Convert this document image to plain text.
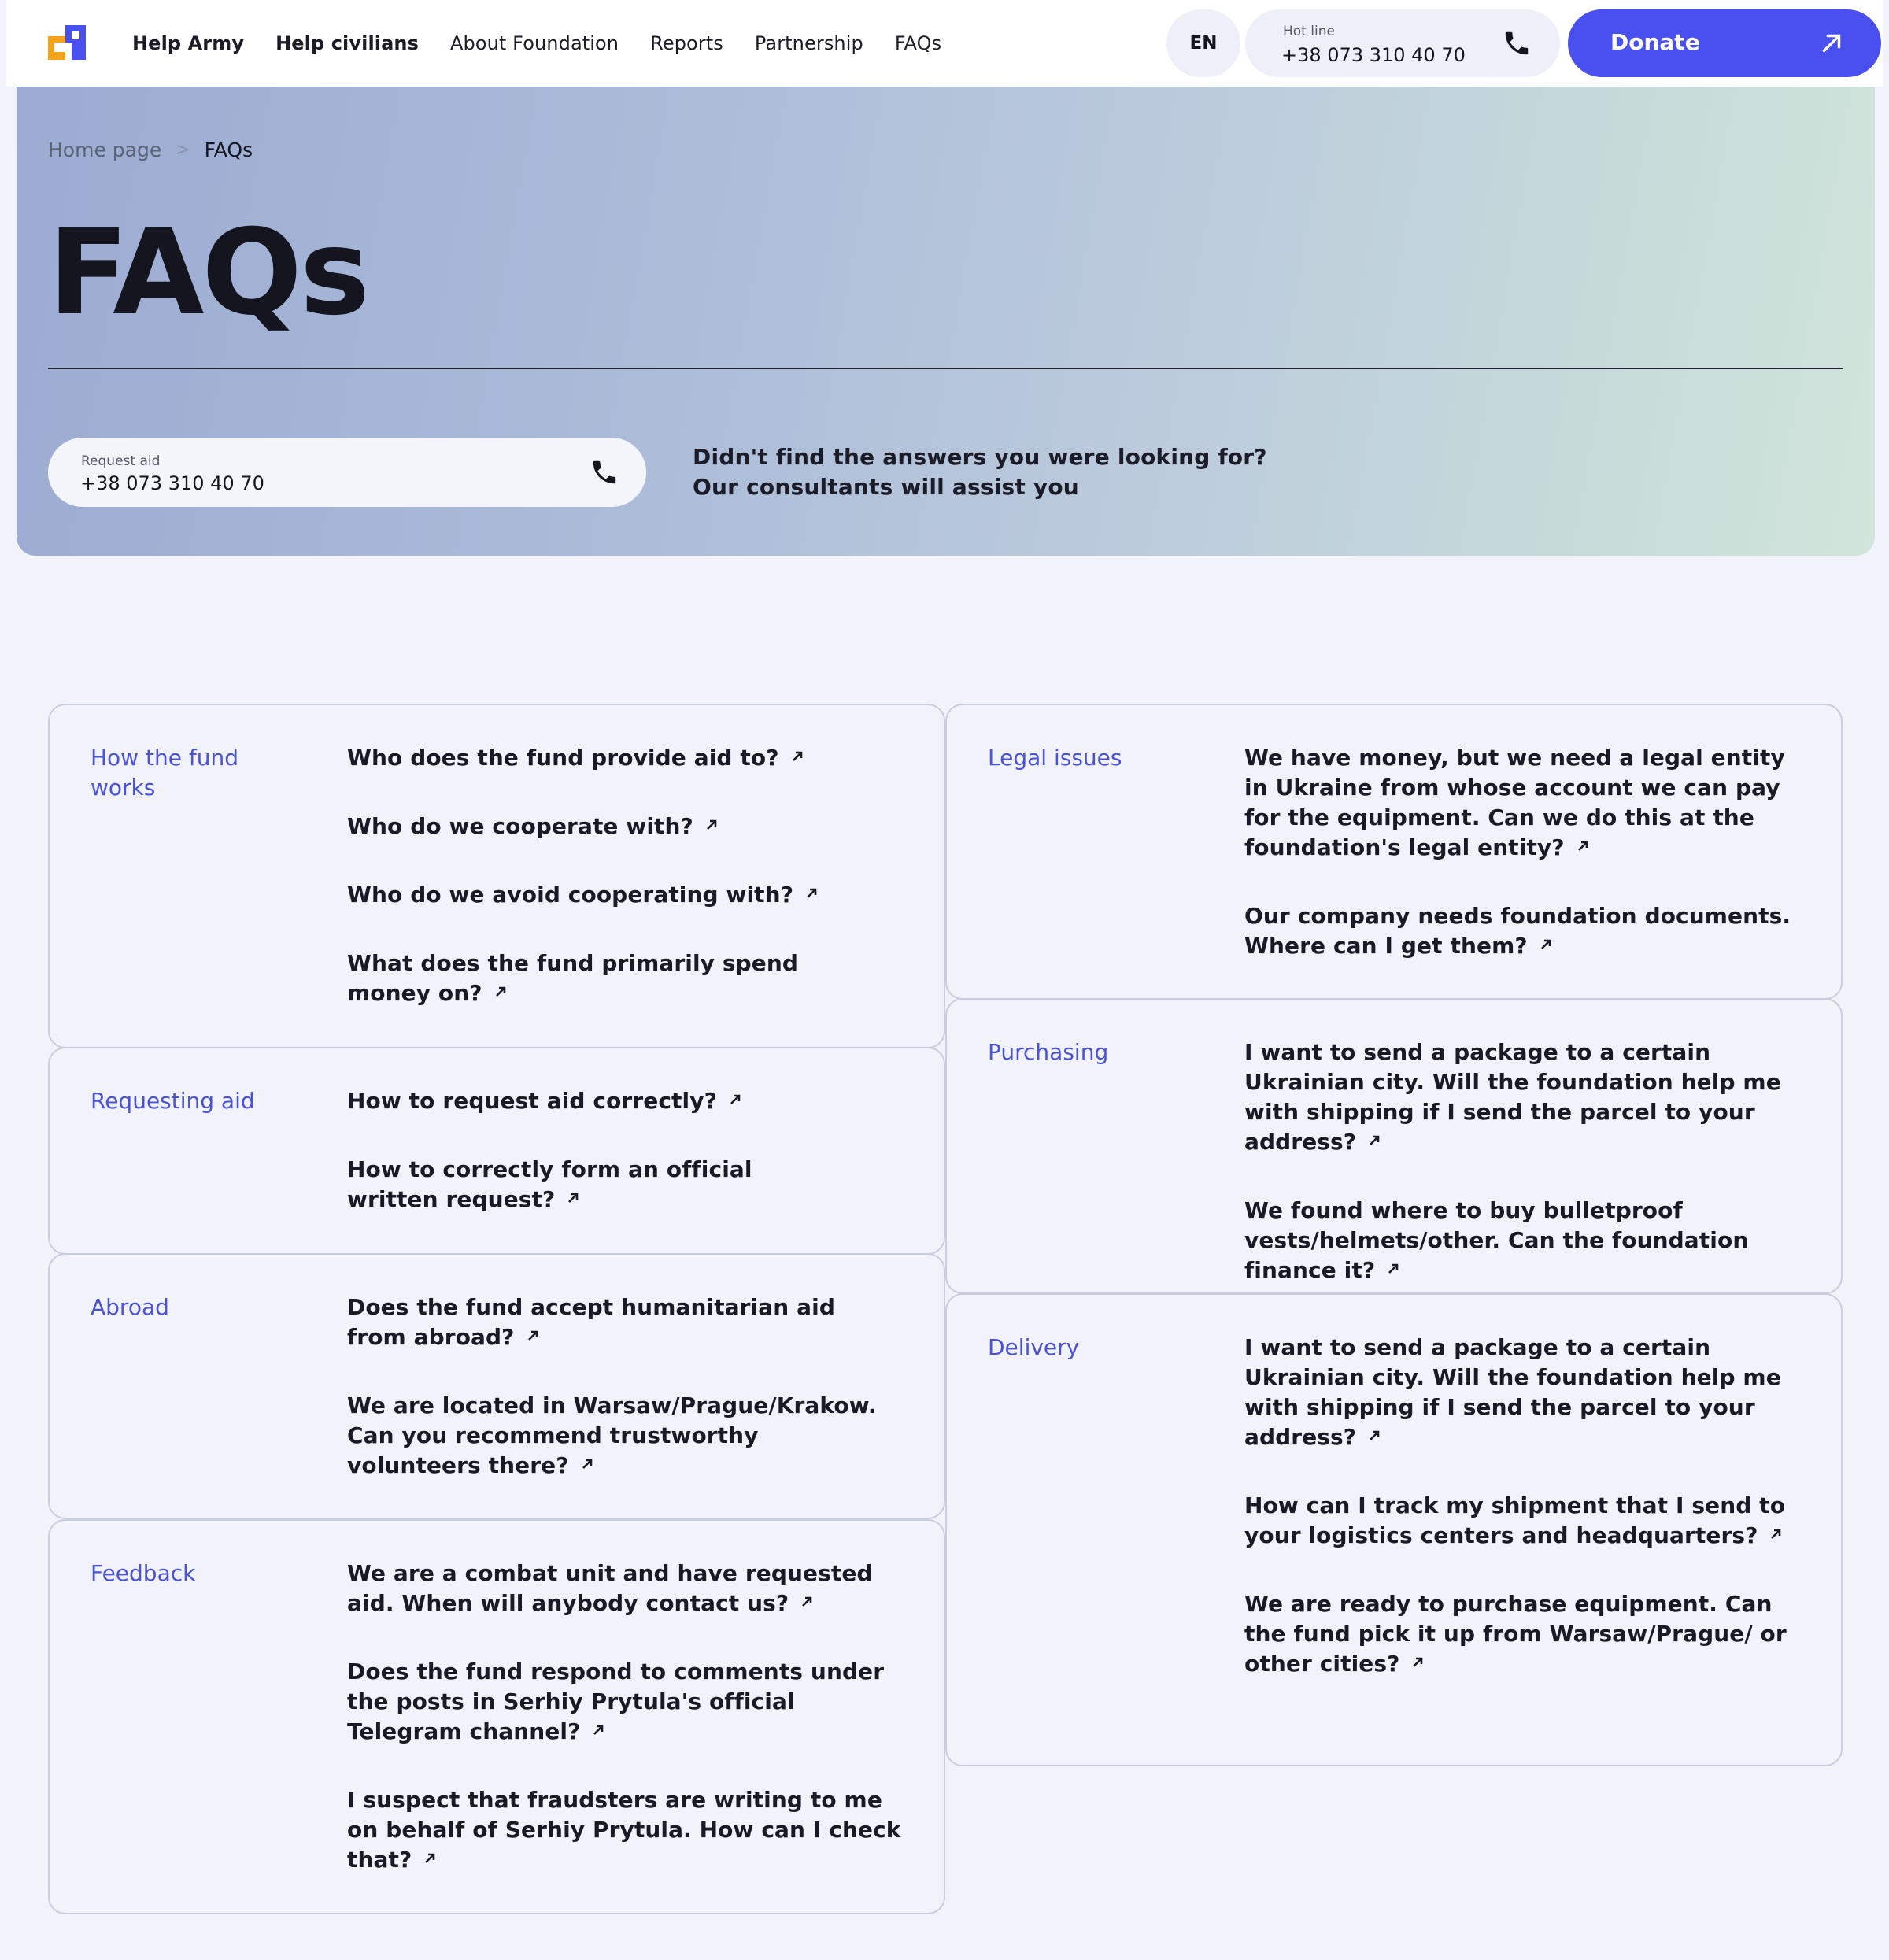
Help Army Help civilians About Foundation Reports Partnership FAQs	EN
Hot line
+38 073 310 40 70	Donate
Home page > FAQs
FAQs
Request aid
+38 073 310 40 70
Didn't find the answers you were looking for?
Our consultants will assist you
How the fund works
Who does the fund provide aid to?
Who do we cooperate with?
Who do we avoid cooperating with?
What does the fund primarily spend money on?
Requesting aid	How to request aid correctly?
How to correctly form an official written request?
Abroad	Does the fund accept humanitarian aid from abroad?
We are located in Warsaw/Prague/Krakow. Can you recommend trustworthy volunteers there?
Feedback	We are a combat unit and have requested aid. When will anybody contact us?
Does the fund respond to comments under the posts in Serhiy Prytula's official Telegram channel?
I suspect that fraudsters are writing to me on behalf of Serhiy Prytula. How can I check that?
Legal issues	We have money, but we need a legal entity in Ukraine from whose account we can pay for the equipment. Can we do this at the foundation's legal entity?
Our company needs foundation documents. Where can I get them?
Purchasing	I want to send a package to a certain Ukrainian city. Will the foundation help me with shipping if I send the parcel to your address?
We found where to buy bulletproof vests/helmets/other. Can the foundation finance it?
Delivery	I want to send a package to a certain Ukrainian city. Will the foundation help me with shipping if I send the parcel to your address?
How can I track my shipment that I send to your logistics centers and headquarters?
We are ready to purchase equipment. Can the fund pick it up from Warsaw/Prague/ or other cities?
